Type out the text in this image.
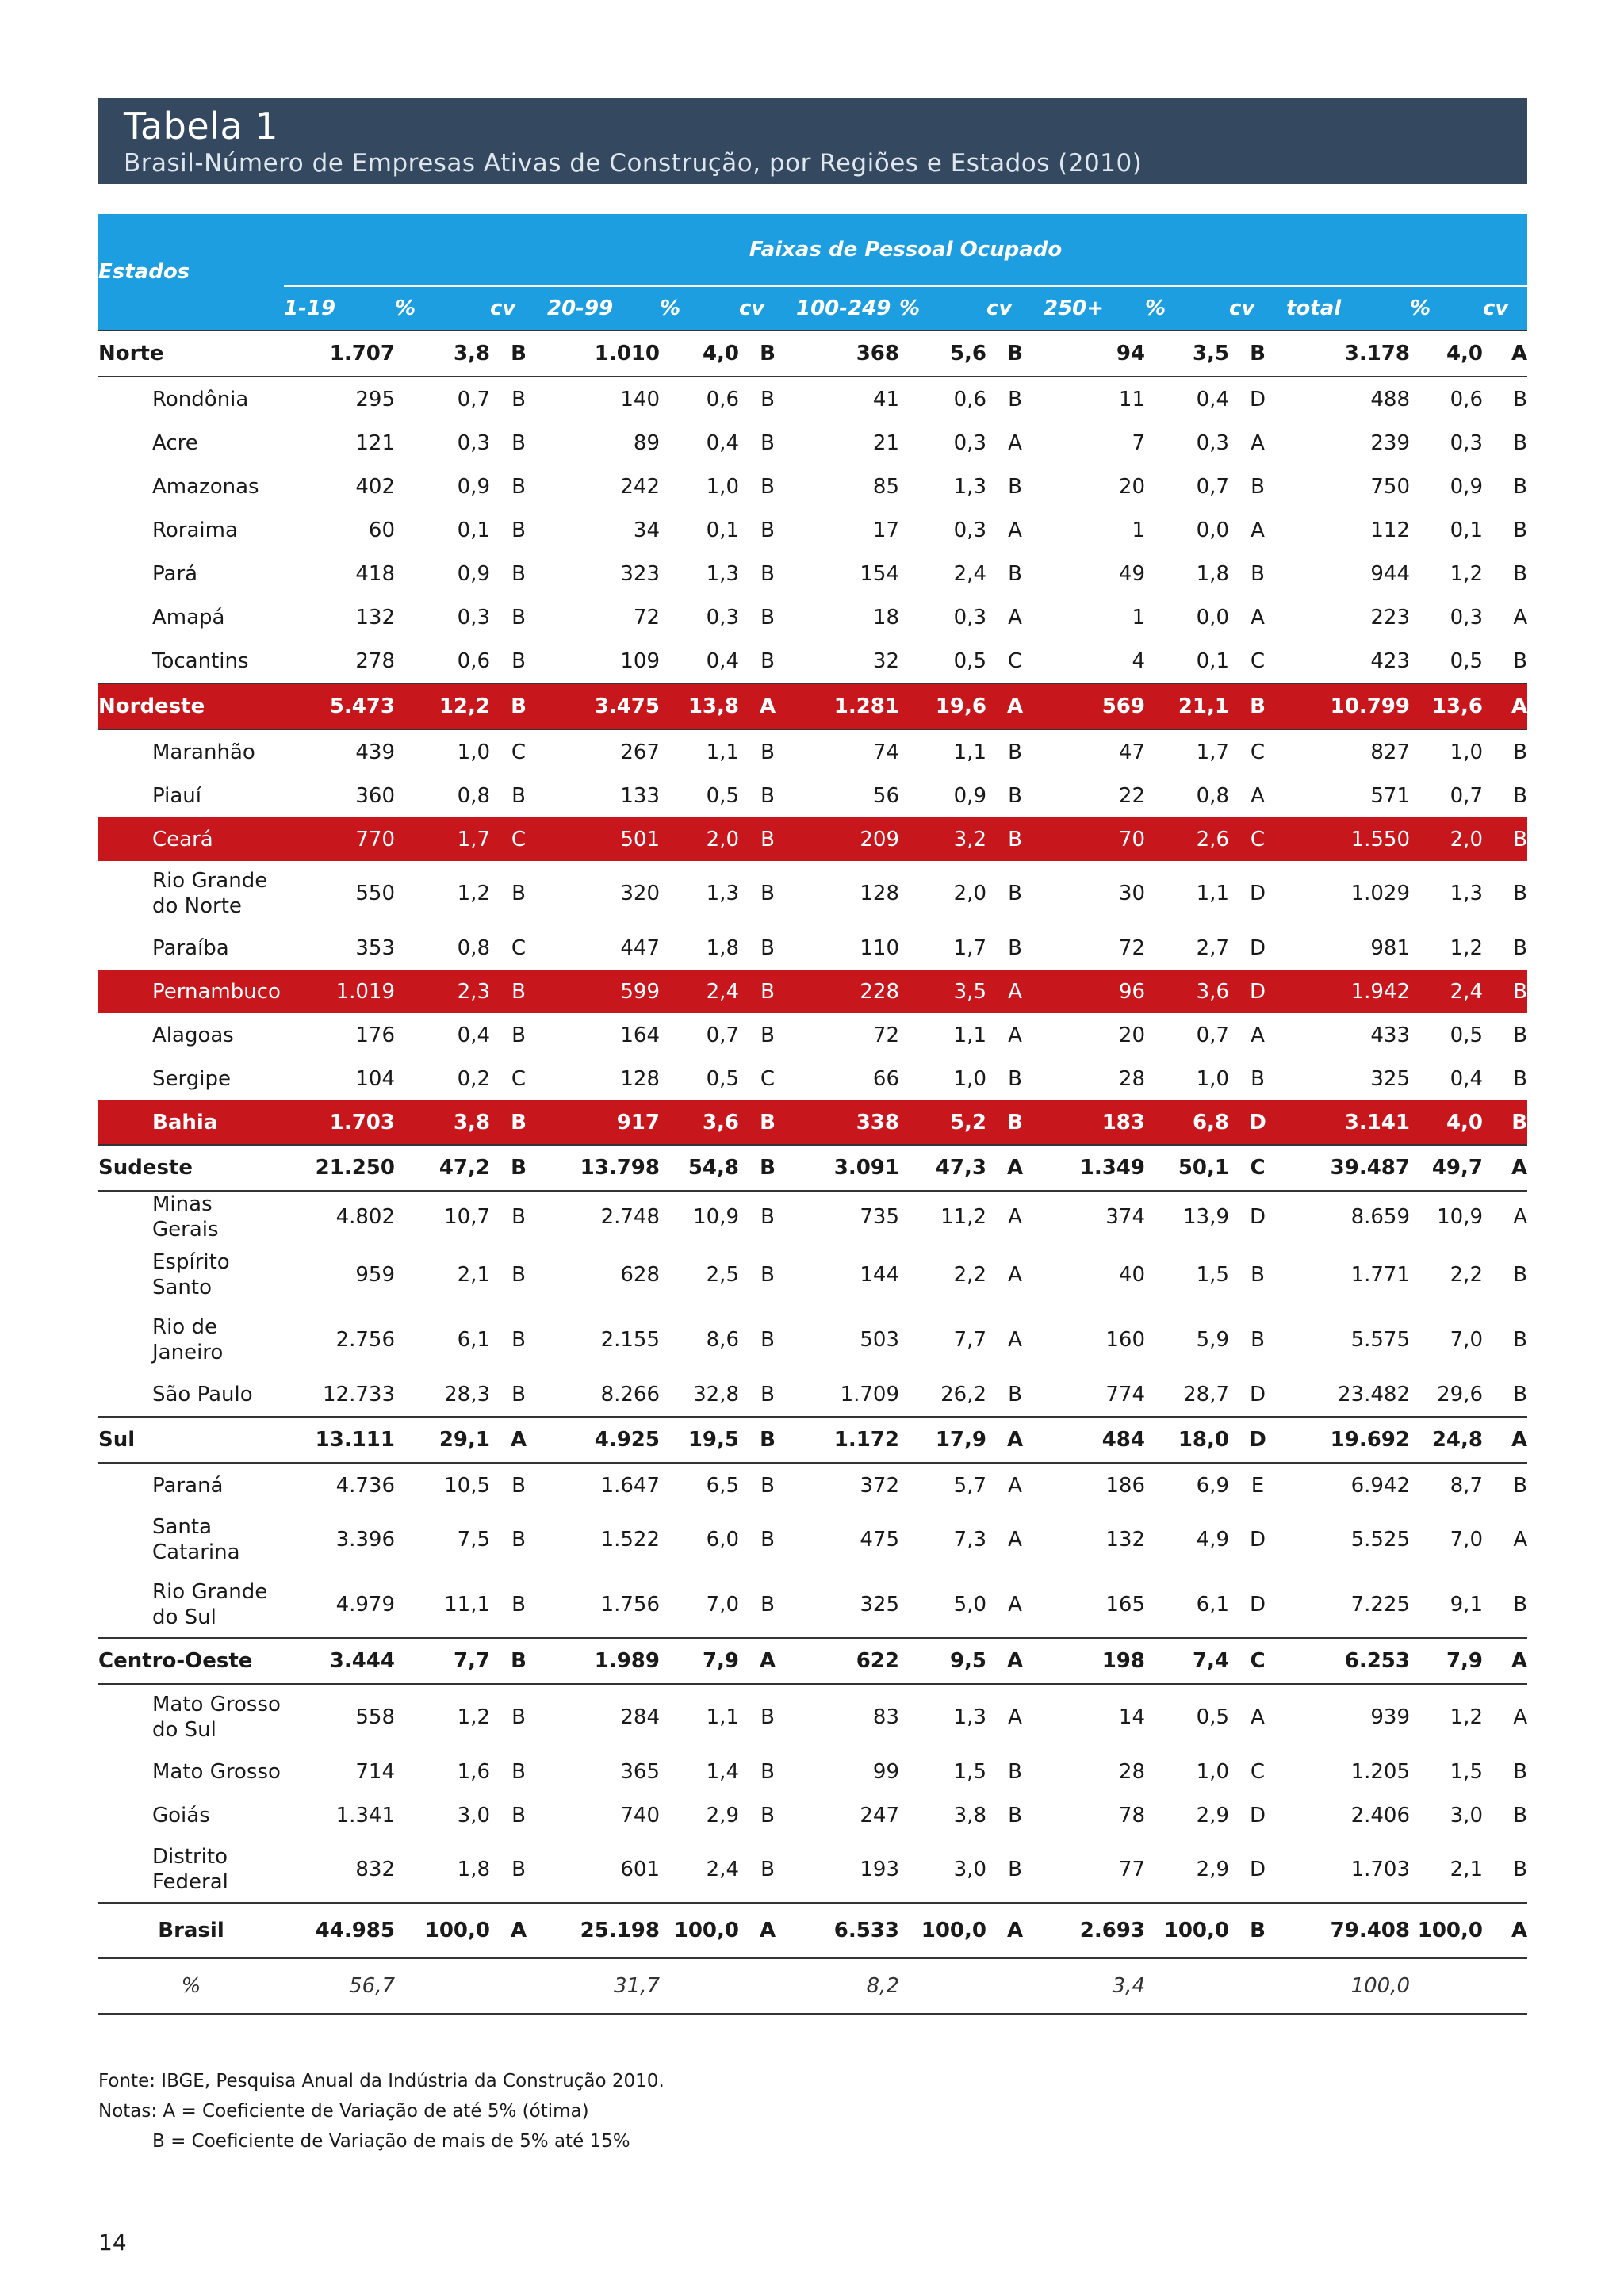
Tabela 1
Brasil-Número de Empresas Ativas de Construção, por Regiões e Estados (2010)
Estados	Faixas de Pessoal Ocupado														
	1-19	%	cv	20-99	%	cv	100-249	%	cv	250+	%	cv	total	%	cv
Norte	1.707	3,8	B	1.010	4,0	B	368	5,6	B	94	3,5	B	3.178	4,0	A
Rondônia	295	0,7	B	140	0,6	B	41	0,6	B	11	0,4	D	488	0,6	B
Acre	121	0,3	B	89	0,4	B	21	0,3	A	7	0,3	A	239	0,3	B
Amazonas	402	0,9	B	242	1,0	B	85	1,3	B	20	0,7	B	750	0,9	B
Roraima	60	0,1	B	34	0,1	B	17	0,3	A	1	0,0	A	112	0,1	B
Pará	418	0,9	B	323	1,3	B	154	2,4	B	49	1,8	B	944	1,2	B
Amapá	132	0,3	B	72	0,3	B	18	0,3	A	1	0,0	A	223	0,3	A
Tocantins	278	0,6	B	109	0,4	B	32	0,5	C	4	0,1	C	423	0,5	B
Nordeste	5.473	12,2	B	3.475	13,8	A	1.281	19,6	A	569	21,1	B	10.799	13,6	A
Maranhão	439	1,0	C	267	1,1	B	74	1,1	B	47	1,7	C	827	1,0	B
Piauí	360	0,8	B	133	0,5	B	56	0,9	B	22	0,8	A	571	0,7	B
Ceará	770	1,7	C	501	2,0	B	209	3,2	B	70	2,6	C	1.550	2,0	B
Rio Grande do Norte	550	1,2	B	320	1,3	B	128	2,0	B	30	1,1	D	1.029	1,3	B
Paraíba	353	0,8	C	447	1,8	B	110	1,7	B	72	2,7	D	981	1,2	B
Pernambuco	1.019	2,3	B	599	2,4	B	228	3,5	A	96	3,6	D	1.942	2,4	B
Alagoas	176	0,4	B	164	0,7	B	72	1,1	A	20	0,7	A	433	0,5	B
Sergipe	104	0,2	C	128	0,5	C	66	1,0	B	28	1,0	B	325	0,4	B
Bahia	1.703	3,8	B	917	3,6	B	338	5,2	B	183	6,8	D	3.141	4,0	B
Sudeste	21.250	47,2	B	13.798	54,8	B	3.091	47,3	A	1.349	50,1	C	39.487	49,7	A
Minas Gerais	4.802	10,7	B	2.748	10,9	B	735	11,2	A	374	13,9	D	8.659	10,9	A
Espírito Santo	959	2,1	B	628	2,5	B	144	2,2	A	40	1,5	B	1.771	2,2	B
Rio de Janeiro	2.756	6,1	B	2.155	8,6	B	503	7,7	A	160	5,9	B	5.575	7,0	B
São Paulo	12.733	28,3	B	8.266	32,8	B	1.709	26,2	B	774	28,7	D	23.482	29,6	B
Sul	13.111	29,1	A	4.925	19,5	B	1.172	17,9	A	484	18,0	D	19.692	24,8	A
Paraná	4.736	10,5	B	1.647	6,5	B	372	5,7	A	186	6,9	E	6.942	8,7	B
Santa Catarina	3.396	7,5	B	1.522	6,0	B	475	7,3	A	132	4,9	D	5.525	7,0	A
Rio Grande do Sul	4.979	11,1	B	1.756	7,0	B	325	5,0	A	165	6,1	D	7.225	9,1	B
Centro-Oeste	3.444	7,7	B	1.989	7,9	A	622	9,5	A	198	7,4	C	6.253	7,9	A
Mato Grosso do Sul	558	1,2	B	284	1,1	B	83	1,3	A	14	0,5	A	939	1,2	A
Mato Grosso	714	1,6	B	365	1,4	B	99	1,5	B	28	1,0	C	1.205	1,5	B
Goiás	1.341	3,0	B	740	2,9	B	247	3,8	B	78	2,9	D	2.406	3,0	B
Distrito Federal	832	1,8	B	601	2,4	B	193	3,0	B	77	2,9	D	1.703	2,1	B
Brasil	44.985	100,0	A	25.198	100,0	A	6.533	100,0	A	2.693	100,0	B	79.408	100,0	A
%	56,7			31,7			8,2			3,4			100,0		
Fonte: IBGE, Pesquisa Anual da Indústria da Construção 2010.
Notas: A = Coeficiente de Variação de até 5% (ótima)
B = Coeficiente de Variação de mais de 5% até 15%
14
